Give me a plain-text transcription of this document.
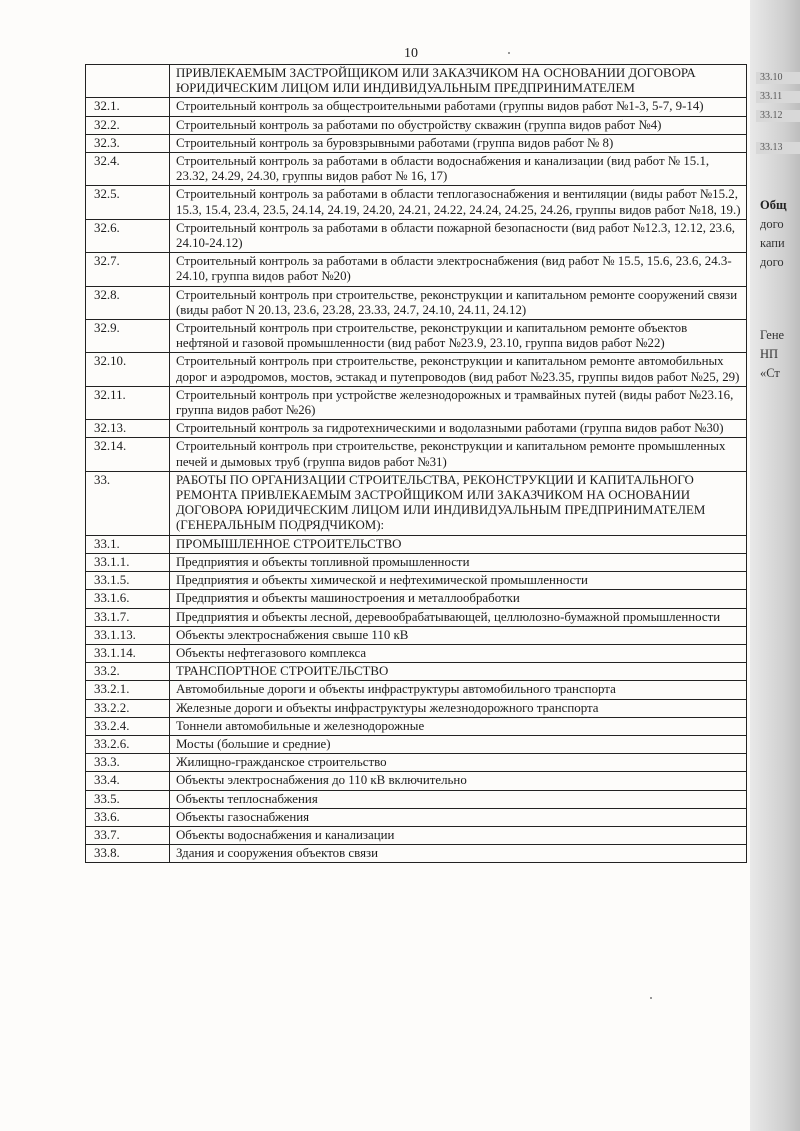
33.10
33.11
33.12
33.13
Общ
дого
капи
дого
Гене
НП
«Ст
10
	ПРИВЛЕКАЕМЫМ ЗАСТРОЙЩИКОМ ИЛИ ЗАКАЗЧИКОМ НА ОСНОВАНИИ ДОГОВОРА ЮРИДИЧЕСКИМ ЛИЦОМ ИЛИ ИНДИВИДУАЛЬНЫМ ПРЕДПРИНИМАТЕЛЕМ
32.1.	Строительный контроль за общестроительными работами (группы видов работ №1-3, 5-7, 9-14)
32.2.	Строительный контроль за работами по обустройству скважин (группа видов работ №4)
32.3.	Строительный контроль за буровзрывными работами (группа видов работ № 8)
32.4.	Строительный контроль за работами в области водоснабжения и канализации (вид работ № 15.1, 23.32, 24.29, 24.30, группы видов работ № 16, 17)
32.5.	Строительный контроль за работами в области теплогазоснабжения и вентиляции (виды работ №15.2, 15.3, 15.4, 23.4, 23.5, 24.14, 24.19, 24.20, 24.21, 24.22, 24.24, 24.25, 24.26, группы видов работ №18, 19.)
32.6.	Строительный контроль за работами в области пожарной безопасности (вид работ №12.3, 12.12, 23.6, 24.10-24.12)
32.7.	Строительный контроль за работами в области электроснабжения (вид работ № 15.5, 15.6, 23.6, 24.3-24.10, группа видов работ №20)
32.8.	Строительный контроль при строительстве, реконструкции и капитальном ремонте сооружений связи (виды работ N 20.13, 23.6, 23.28, 23.33, 24.7, 24.10, 24.11, 24.12)
32.9.	Строительный контроль при строительстве, реконструкции и капитальном ремонте объектов нефтяной и газовой промышленности (вид работ №23.9, 23.10, группа видов работ №22)
32.10.	Строительный контроль при строительстве, реконструкции и капитальном ремонте автомобильных дорог и аэродромов, мостов, эстакад и путепроводов (вид работ №23.35, группы видов работ №25, 29)
32.11.	Строительный контроль при устройстве железнодорожных и трамвайных путей (виды работ №23.16, группа видов работ №26)
32.13.	Строительный контроль за гидротехническими и водолазными работами (группа видов работ №30)
32.14.	Строительный контроль при строительстве, реконструкции и капитальном ремонте промышленных печей и дымовых труб (группа видов работ №31)
33.	РАБОТЫ ПО ОРГАНИЗАЦИИ СТРОИТЕЛЬСТВА, РЕКОНСТРУКЦИИ И КАПИТАЛЬНОГО РЕМОНТА ПРИВЛЕКАЕМЫМ ЗАСТРОЙЩИКОМ ИЛИ ЗАКАЗЧИКОМ НА ОСНОВАНИИ ДОГОВОРА ЮРИДИЧЕСКИМ ЛИЦОМ ИЛИ ИНДИВИДУАЛЬНЫМ ПРЕДПРИНИМАТЕЛЕМ (ГЕНЕРАЛЬНЫМ ПОДРЯДЧИКОМ):
33.1.	ПРОМЫШЛЕННОЕ СТРОИТЕЛЬСТВО
33.1.1.	Предприятия и объекты топливной промышленности
33.1.5.	Предприятия и объекты химической и нефтехимической промышленности
33.1.6.	Предприятия и объекты машиностроения и металлообработки
33.1.7.	Предприятия и объекты лесной, деревообрабатывающей, целлюлозно-бумажной промышленности
33.1.13.	Объекты электроснабжения свыше 110 кВ
33.1.14.	Объекты нефтегазового комплекса
33.2.	ТРАНСПОРТНОЕ СТРОИТЕЛЬСТВО
33.2.1.	Автомобильные дороги и объекты инфраструктуры автомобильного транспорта
33.2.2.	Железные дороги и объекты инфраструктуры железнодорожного транспорта
33.2.4.	Тоннели автомобильные и железнодорожные
33.2.6.	Мосты (большие и средние)
33.3.	Жилищно-гражданское строительство
33.4.	Объекты электроснабжения до 110 кВ включительно
33.5.	Объекты теплоснабжения
33.6.	Объекты газоснабжения
33.7.	Объекты водоснабжения и канализации
33.8.	Здания и сооружения объектов связи
